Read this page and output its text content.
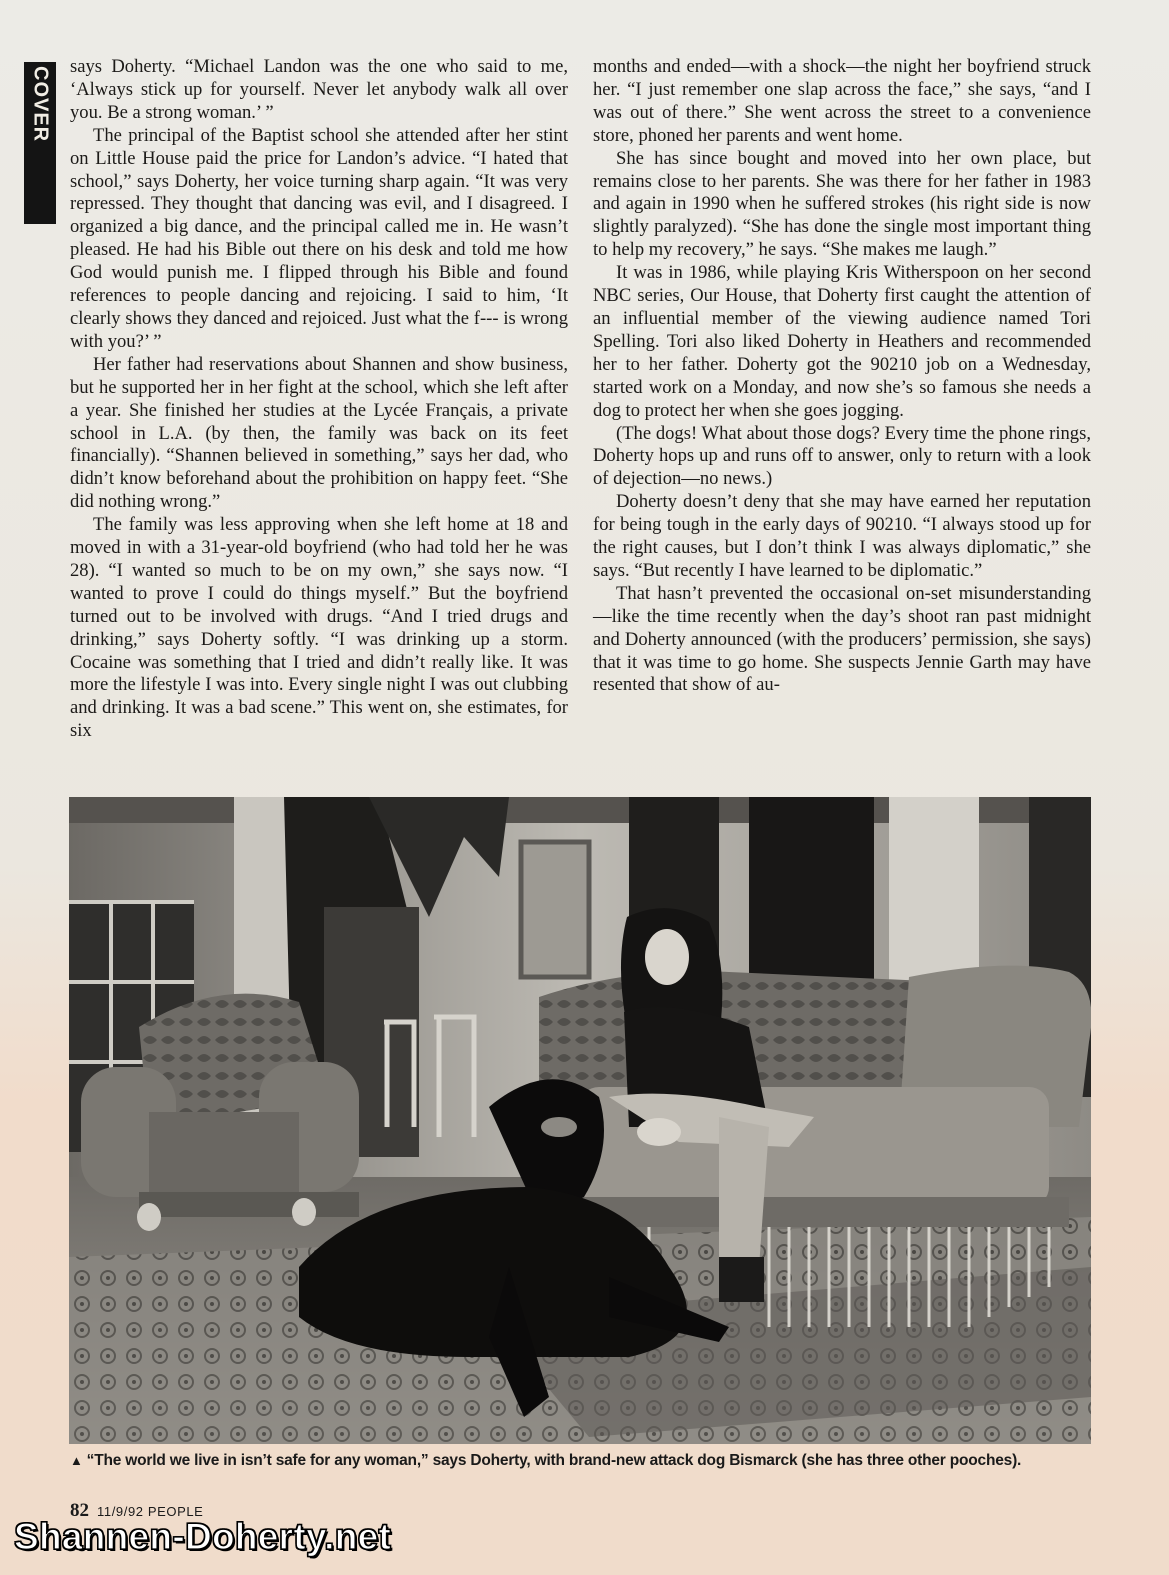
COVER says Doherty. “Michael Landon was the one who said to me, ‘Always stick up for yourself. Never let anybody walk all over you. Be a strong woman.’ ”

The principal of the Baptist school she attended after her stint on Little House paid the price for Landon’s advice. “I hated that school,” says Doherty, her voice turning sharp again. “It was very repressed. They thought that dancing was evil, and I disagreed. I organized a big dance, and the principal called me in. He wasn’t pleased. He had his Bible out there on his desk and told me how God would punish me. I flipped through his Bible and found references to people dancing and rejoicing. I said to him, ‘It clearly shows they danced and rejoiced. Just what the f--- is wrong with you?’ ”

Her father had reservations about Shannen and show business, but he supported her in her fight at the school, which she left after a year. She finished her studies at the Lycée Français, a private school in L.A. (by then, the family was back on its feet financially). “Shannen believed in something,” says her dad, who didn’t know beforehand about the prohibition on happy feet. “She did nothing wrong.”

The family was less approving when she left home at 18 and moved in with a 31-year-old boyfriend (who had told her he was 28). “I wanted so much to be on my own,” she says now. “I wanted to prove I could do things myself.” But the boyfriend turned out to be involved with drugs. “And I tried drugs and drinking,” says Doherty softly. “I was drinking up a storm. Cocaine was something that I tried and didn’t really like. It was more the lifestyle I was into. Every single night I was out clubbing and drinking. It was a bad scene.” This went on, she estimates, for six

months and ended—with a shock—the night her boyfriend struck her. “I just remember one slap across the face,” she says, “and I was out of there.” She went across the street to a convenience store, phoned her parents and went home.

She has since bought and moved into her own place, but remains close to her parents. She was there for her father in 1983 and again in 1990 when he suffered strokes (his right side is now slightly paralyzed). “She has done the single most important thing to help my recovery,” he says. “She makes me laugh.”

It was in 1986, while playing Kris Witherspoon on her second NBC series, Our House, that Doherty first caught the attention of an influential member of the viewing audience named Tori Spelling. Tori also liked Doherty in Heathers and recommended her to her father. Doherty got the 90210 job on a Wednesday, started work on a Monday, and now she’s so famous she needs a dog to protect her when she goes jogging.

(The dogs! What about those dogs? Every time the phone rings, Doherty hops up and runs off to answer, only to return with a look of dejection—no news.)

Doherty doesn’t deny that she may have earned her reputation for being tough in the early days of 90210. “I always stood up for the right causes, but I don’t think I was always diplomatic,” she says. “But recently I have learned to be diplomatic.”

That hasn’t prevented the occasional on-set misunderstanding—like the time recently when the day’s shoot ran past midnight and Doherty announced (with the producers’ permission, she says) that it was time to go home. She suspects Jennie Garth may have resented that show of au-

▲ “The world we live in isn’t safe for any woman,” says Doherty, with brand-new attack dog Bismarck (she has three other pooches).
82 11/9/92 PEOPLE
Shannen-Doherty.net
